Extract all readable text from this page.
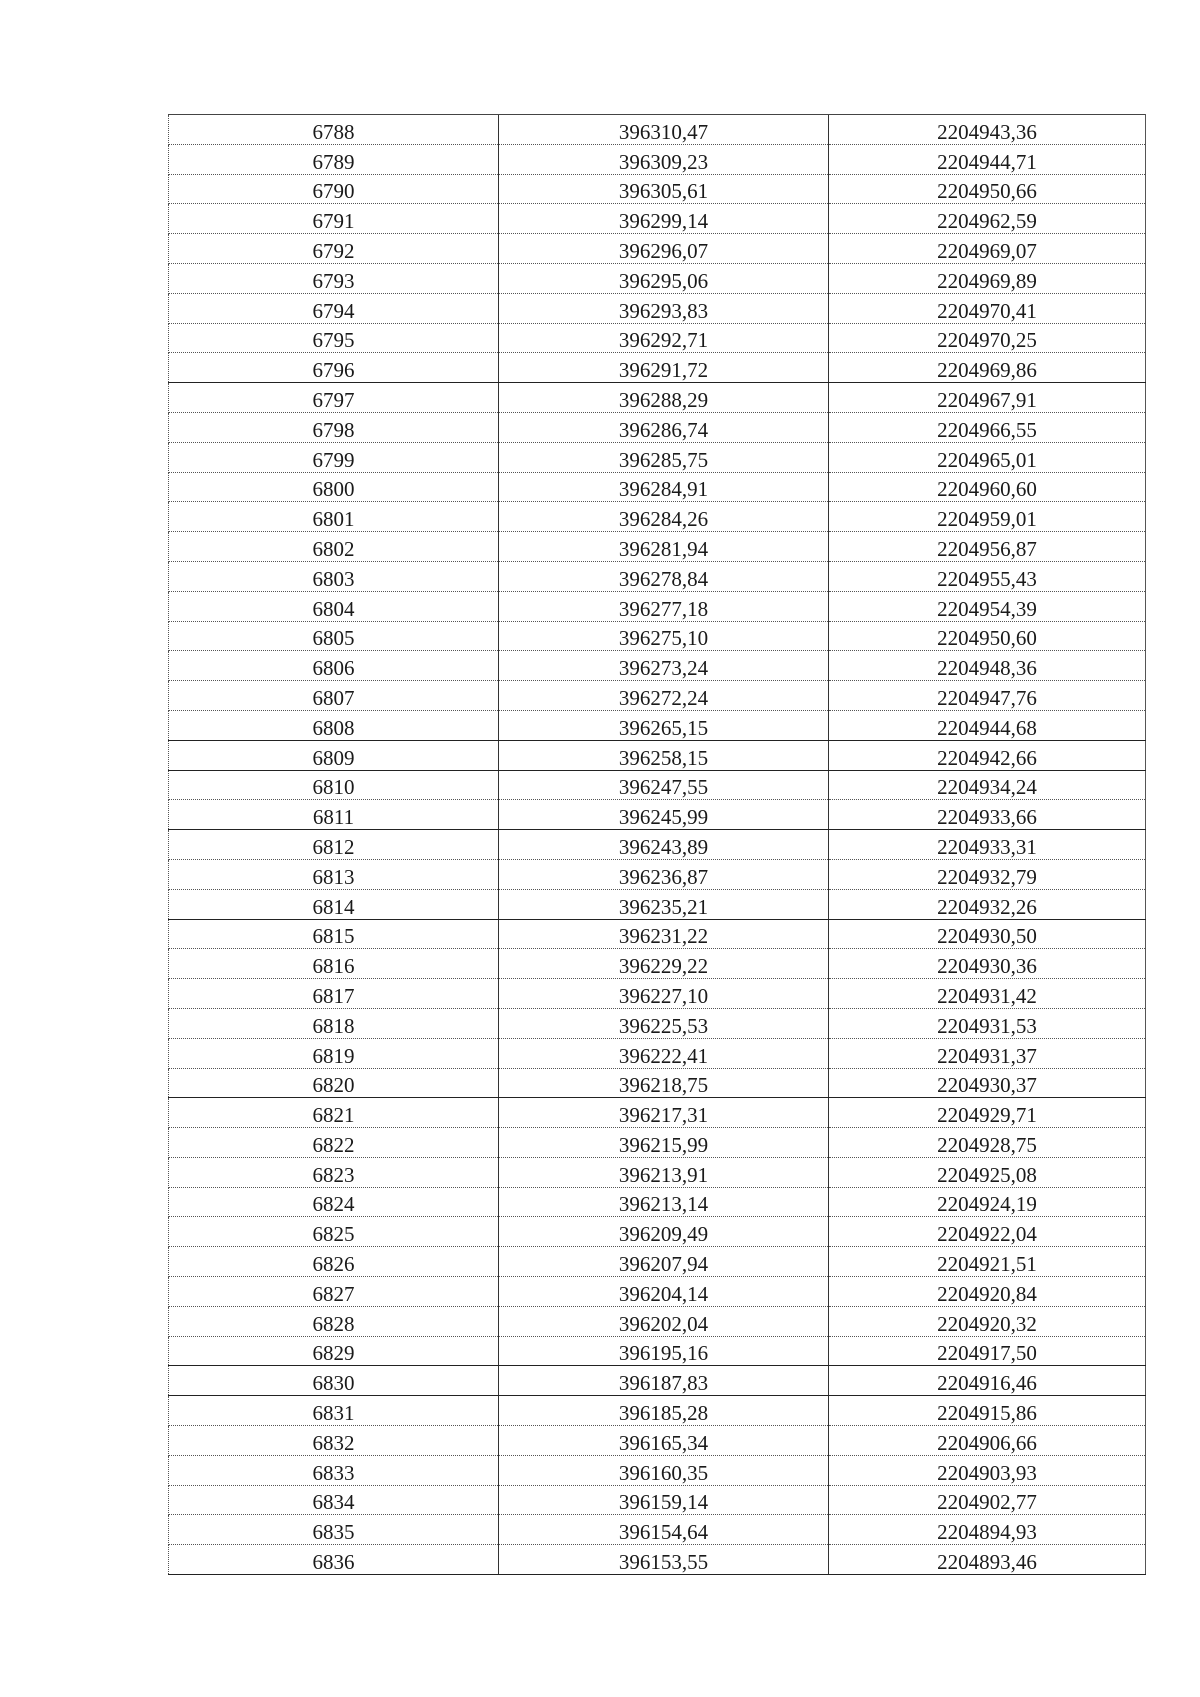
6788	396310,47	2204943,36
6789	396309,23	2204944,71
6790	396305,61	2204950,66
6791	396299,14	2204962,59
6792	396296,07	2204969,07
6793	396295,06	2204969,89
6794	396293,83	2204970,41
6795	396292,71	2204970,25
6796	396291,72	2204969,86
6797	396288,29	2204967,91
6798	396286,74	2204966,55
6799	396285,75	2204965,01
6800	396284,91	2204960,60
6801	396284,26	2204959,01
6802	396281,94	2204956,87
6803	396278,84	2204955,43
6804	396277,18	2204954,39
6805	396275,10	2204950,60
6806	396273,24	2204948,36
6807	396272,24	2204947,76
6808	396265,15	2204944,68
6809	396258,15	2204942,66
6810	396247,55	2204934,24
6811	396245,99	2204933,66
6812	396243,89	2204933,31
6813	396236,87	2204932,79
6814	396235,21	2204932,26
6815	396231,22	2204930,50
6816	396229,22	2204930,36
6817	396227,10	2204931,42
6818	396225,53	2204931,53
6819	396222,41	2204931,37
6820	396218,75	2204930,37
6821	396217,31	2204929,71
6822	396215,99	2204928,75
6823	396213,91	2204925,08
6824	396213,14	2204924,19
6825	396209,49	2204922,04
6826	396207,94	2204921,51
6827	396204,14	2204920,84
6828	396202,04	2204920,32
6829	396195,16	2204917,50
6830	396187,83	2204916,46
6831	396185,28	2204915,86
6832	396165,34	2204906,66
6833	396160,35	2204903,93
6834	396159,14	2204902,77
6835	396154,64	2204894,93
6836	396153,55	2204893,46
